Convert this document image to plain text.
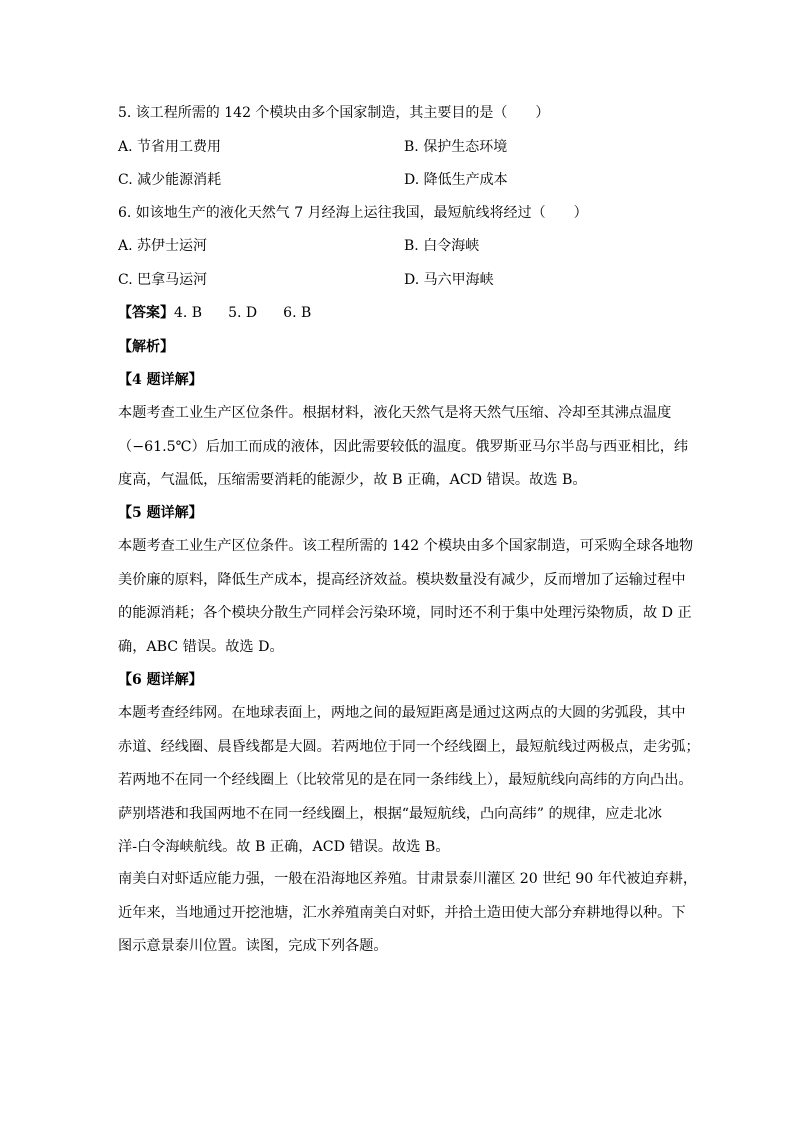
5. 该工程所需的 142 个模块由多个国家制造，其主要目的是（　　）
A. 节省用工费用	B. 保护生态环境
C. 减少能源消耗	D. 降低生产成本
6. 如该地生产的液化天然气 7 月经海上运往我国，最短航线将经过（　　）
A. 苏伊士运河	B. 白令海峡
C. 巴拿马运河	D. 马六甲海峡
【答案】4. B 5. D 6. B
【解析】
【4 题详解】
本题考查工业生产区位条件。根据材料，液化天然气是将天然气压缩、冷却至其沸点温度
（−61.5℃）后加工而成的液体，因此需要较低的温度。俄罗斯亚马尔半岛与西亚相比，纬
度高，气温低，压缩需要消耗的能源少，故 B 正确，ACD 错误。故选 B。
【5 题详解】
本题考查工业生产区位条件。该工程所需的 142 个模块由多个国家制造，可采购全球各地物
美价廉的原料，降低生产成本，提高经济效益。模块数量没有减少，反而增加了运输过程中
的能源消耗；各个模块分散生产同样会污染环境，同时还不利于集中处理污染物质，故 D 正
确，ABC 错误。故选 D。
【6 题详解】
本题考查经纬网。在地球表面上，两地之间的最短距离是通过这两点的大圆的劣弧段，其中
赤道、经线圈、晨昏线都是大圆。若两地位于同一个经线圈上，最短航线过两极点，走劣弧；
若两地不在同一个经线圈上（比较常见的是在同一条纬线上），最短航线向高纬的方向凸出。
萨别塔港和我国两地不在同一经线圈上，根据“最短航线，凸向高纬” 的规律，应走北冰
洋-白令海峡航线。故 B 正确，ACD 错误。故选 B。
南美白对虾适应能力强，一般在沿海地区养殖。甘肃景泰川灌区 20 世纪 90 年代被迫弃耕，
近年来，当地通过开挖池塘，汇水养殖南美白对虾，并拾土造田使大部分弃耕地得以种。下
图示意景泰川位置。读图，完成下列各题。
